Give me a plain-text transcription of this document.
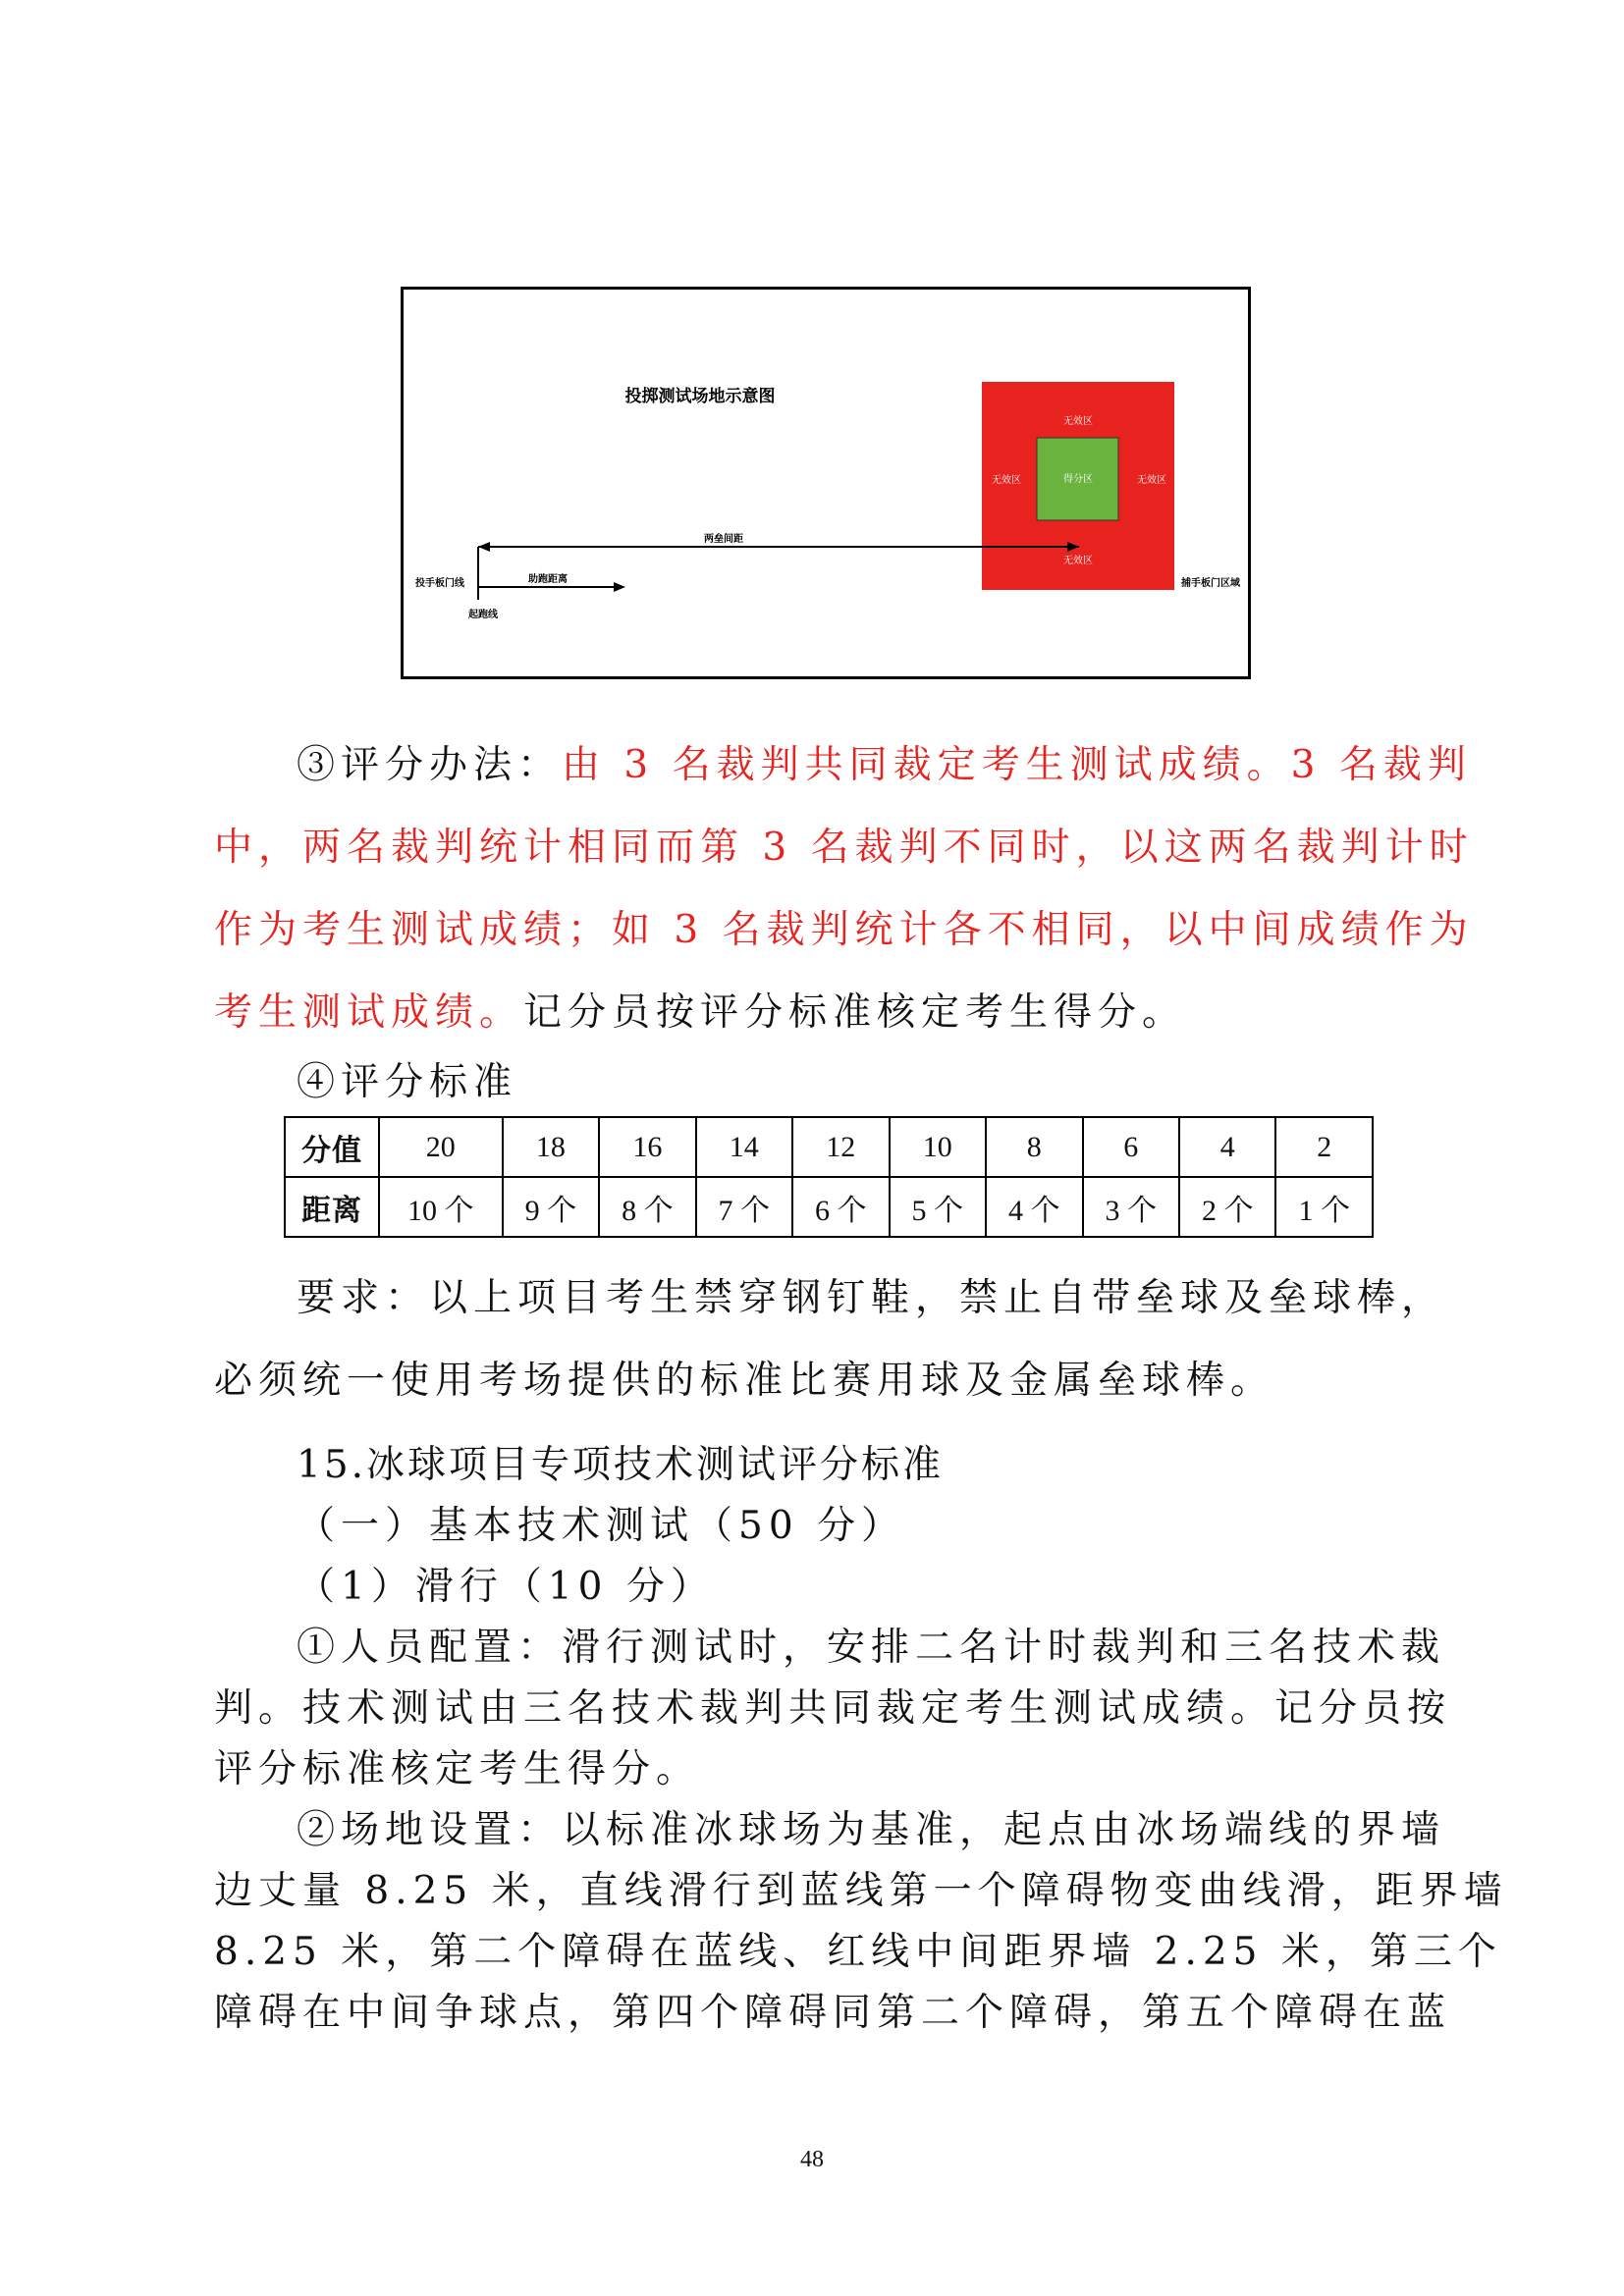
投掷测试场地示意图
无效区
无效区	无效区
得分区
无效区
两垒间距
助跑距离
投手板门线
起跑线
捕手板门区域
③评分办法：由 3 名裁判共同裁定考生测试成绩。3 名裁判
中，两名裁判统计相同而第 3 名裁判不同时，以这两名裁判计时
作为考生测试成绩；如 3 名裁判统计各不相同，以中间成绩作为
考生测试成绩。记分员按评分标准核定考生得分。
④评分标准
分值	20	18	16	14	12	10	8	6	4	2
距离	10 个	9 个	8 个	7 个	6 个	5 个	4 个	3 个	2 个	1 个
要求：以上项目考生禁穿钢钉鞋，禁止自带垒球及垒球棒，
必须统一使用考场提供的标准比赛用球及金属垒球棒。
15.冰球项目专项技术测试评分标准
（一）基本技术测试（50 分）
（1）滑行（10 分）
①人员配置：滑行测试时，安排二名计时裁判和三名技术裁
判。技术测试由三名技术裁判共同裁定考生测试成绩。记分员按
评分标准核定考生得分。
②场地设置：以标准冰球场为基准，起点由冰场端线的界墙
边丈量 8.25 米，直线滑行到蓝线第一个障碍物变曲线滑，距界墙
8.25 米，第二个障碍在蓝线、红线中间距界墙 2.25 米，第三个
障碍在中间争球点，第四个障碍同第二个障碍，第五个障碍在蓝
48
